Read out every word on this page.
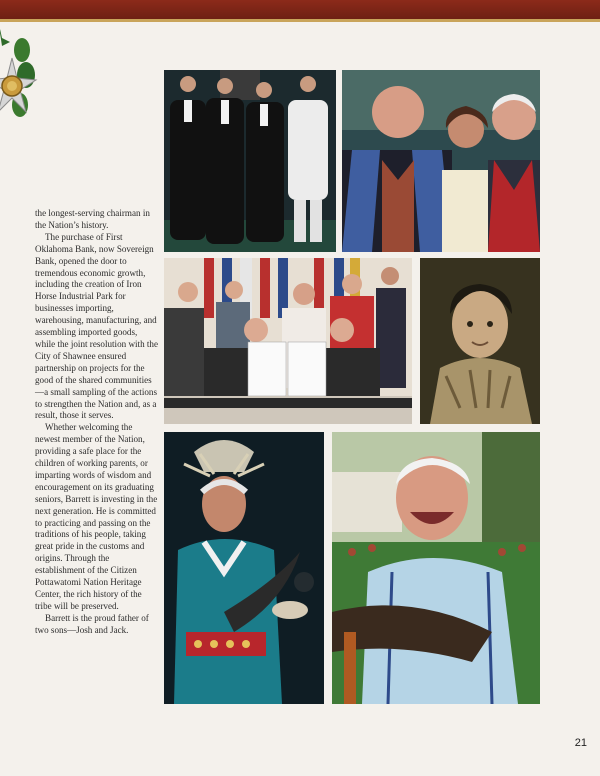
the longest-serving chairman in the Nation’s history.

The purchase of First Oklahoma Bank, now Sovereign Bank, opened the door to tremendous economic growth, including the creation of Iron Horse Industrial Park for businesses importing, warehousing, manufacturing, and assembling imported goods, while the joint resolution with the City of Shawnee ensured partnership on projects for the good of the shared communities—a small sampling of the actions to strengthen the Nation and, as a result, those it serves.

Whether welcoming the newest member of the Nation, providing a safe place for the children of working parents, or imparting words of wisdom and encouragement on its graduating seniors, Barrett is investing in the next generation. He is committed to practicing and passing on the traditions of his people, taking great pride in the customs and origins. Through the establishment of the Citizen Pottawatomi Nation Heritage Center, the rich history of the tribe will be preserved.

Barrett is the proud father of two sons—Josh and Jack.

21
